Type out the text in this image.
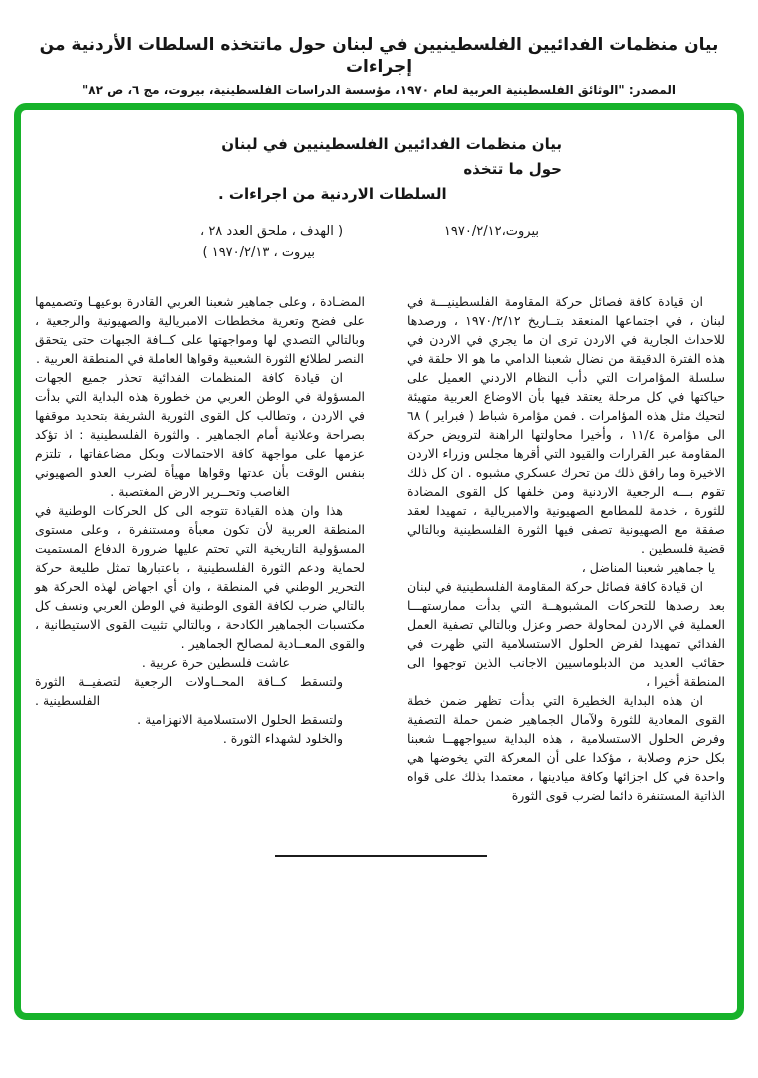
بيان منظمات الفدائيين الفلسطينيين في لبنان حول ماتتخذه السلطات الأردنية من إجراءات
المصدر: "الوثائق الفلسطينية العربية لعام ١٩٧٠، مؤسسة الدراسات الفلسطينية، بيروت، مج ٦، ص ٨٢"
بيان منظمات الفدائيين الفلسطينيين في لبنان حول ما تتخذه
السلطات الاردنية من اجراءات .
بيروت،١٩٧٠/٢/١٢
( الهدف ، ملحق العدد ٢٨ ،
بيروت ، ١٩٧٠/٢/١٣ )

ان قيادة كافة فصائل حركة المقاومة الفلسطينيـــة في لبنان ، في اجتماعها المنعقد بتــاريخ ١٩٧٠/٢/١٢ ، ورصدها للاحداث الجارية في الاردن ترى ان ما يجري في الاردن في هذه الفترة الدقيقة من نضال شعبنا الدامي ما هو الا حلقة في سلسلة المؤامرات التي دأب النظام الاردني العميل على حياكتها في كل مرحلة يعتقد فيها بأن الاوضاع العربية متهيئة لتحيك مثل هذه المؤامرات . فمن مؤامرة شباط ( فبراير ) ٦٨ الى مؤامرة ١١/٤ ، وأخيرا محاولتها الراهنة لترويض حركة المقاومة عبر القرارات والقيود التي أقرها مجلس وزراء الاردن الاخيرة وما رافق ذلك من تحرك عسكري مشبوه . ان كل ذلك تقوم بـــه الرجعية الاردنية ومن خلفها كل القوى المضادة للثورة ، خدمة للمطامع الصهيونية والامبريالية ، تمهيدا لعقد صفقة مع الصهيونية تصفى فيها الثورة الفلسطينية وبالتالي قضية فلسطين .

يا جماهير شعبنا المناضل ،

ان قيادة كافة فصائل حركة المقاومة الفلسطينية في لبنان بعد رصدها للتحركات المشبوهــة التي بدأت ممارستهـــا العملية في الاردن لمحاولة حصر وعزل وبالتالي تصفية العمل الفدائي تمهيدا لفرض الحلول الاستسلامية التي ظهرت في حقائب العديد من الدبلوماسيين الاجانب الذين توجهوا الى المنطقة أخيرا ،

ان هذه البداية الخطيرة التي بدأت تظهر ضمن خطة القوى المعادية للثورة ولآمال الجماهير ضمن حملة التصفية وفرض الحلول الاستسلامية ، هذه البداية سيواجههــا شعبنا بكل حزم وصلابة ، مؤكدا على أن المعركة التي يخوضها هي واحدة في كل اجزائها وكافة ميادينها ، معتمدا بذلك على قواه الذاتية المستنفرة دائما لضرب قوى الثورة

المضـادة ، وعلى جماهير شعبنا العربي القادرة بوعيهـا وتصميمها على فضح وتعرية مخططات الامبريالية والصهيونية والرجعية ، وبالتالي التصدي لها ومواجهتها على كــافة الجبهات حتى يتحقق النصر لطلائع الثورة الشعبية وقواها العاملة في المنطقة العربية .

ان قيادة كافة المنظمات الفدائية تحذر جميع الجهات المسؤولة في الوطن العربي من خطورة هذه البداية التي بدأت في الاردن ، وتطالب كل القوى الثورية الشريفة بتحديد موقفها بصراحة وعلانية أمام الجماهير . والثورة الفلسطينية : اذ تؤكد عزمها على مواجهة كافة الاحتمالات وبكل مضاعفاتها ، تلتزم بنفس الوقت بأن عدتها وقواها مهيأة لضرب العدو الصهيوني الغاصب وتحــرير الارض المغتصبة .

هذا وان هذه القيادة تتوجه الى كل الحركات الوطنية في المنطقة العربية لأن تكون معبأة ومستنفرة ، وعلى مستوى المسؤولية التاريخية التي تحتم عليها ضرورة الدفاع المستميت لحماية ودعم الثورة الفلسطينية ، باعتبارها تمثل طليعة حركة التحرير الوطني في المنطقة ، وان أي اجهاض لهذه الحركة هو بالتالي ضرب لكافة القوى الوطنية في الوطن العربي ونسف كل مكتسبات الجماهير الكادحة ، وبالتالي تثبيت القوى الاستيطانية ، والقوى المعــادية لمصالح الجماهير .

عاشت فلسطين حرة عربية .

ولتسقط كــافة المحــاولات الرجعية لتصفيــة الثورة الفلسطينية .

ولتسقط الحلول الاستسلامية الانهزامية .

والخلود لشهداء الثورة .
